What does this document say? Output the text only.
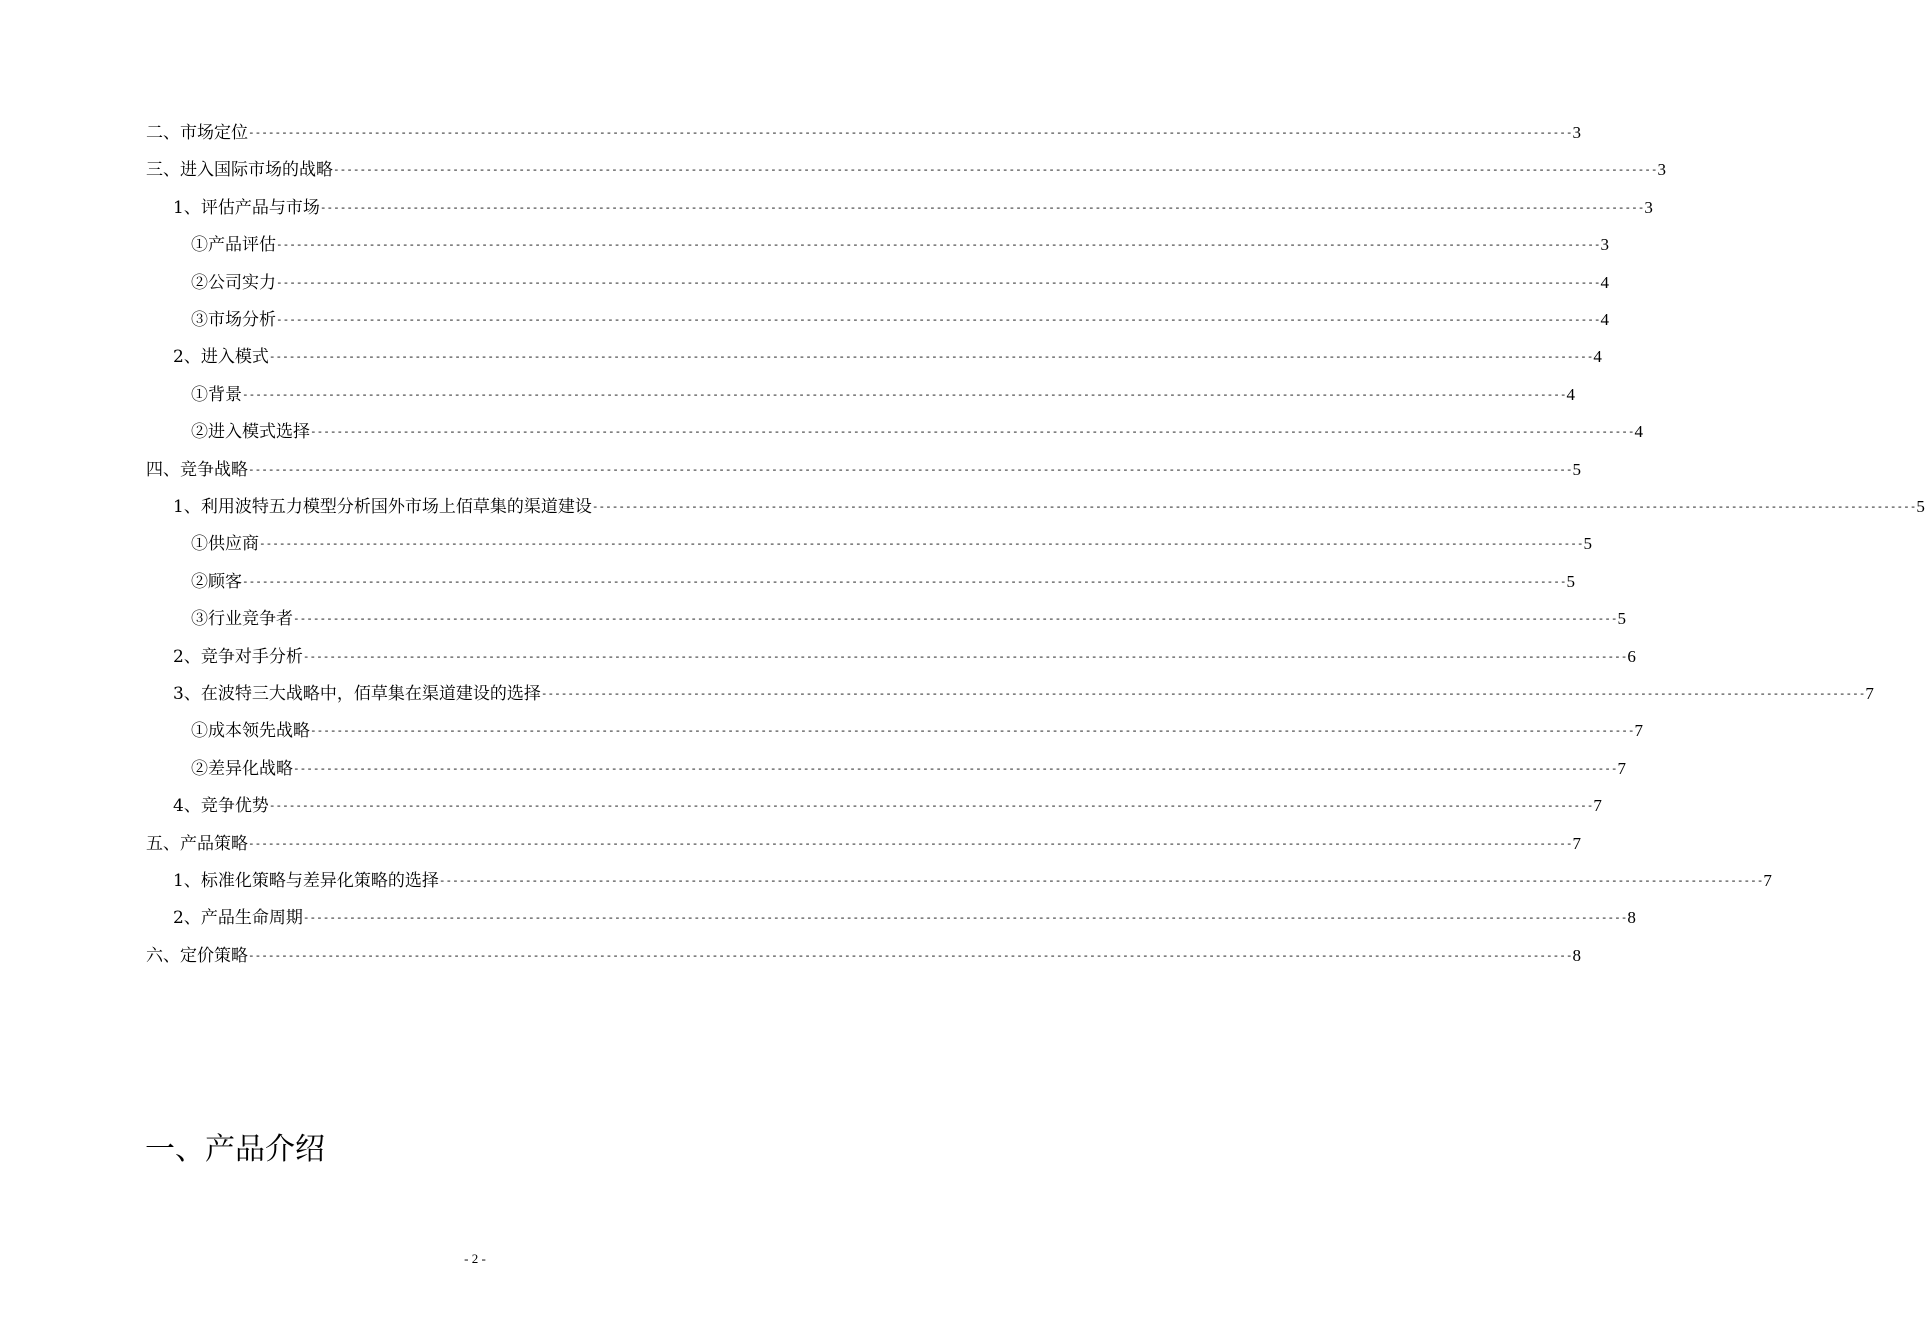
二、市场定位 -------------------------------------------------------------------------------------------------------------------------------------------------------------------------------------------------------- 3
三、进入国际市场的战略 -------------------------------------------------------------------------------------------------------------------------------------------------------------------------------------------------------- 3
1、评估产品与市场 -------------------------------------------------------------------------------------------------------------------------------------------------------------------------------------------------------- 3
①产品评估 -------------------------------------------------------------------------------------------------------------------------------------------------------------------------------------------------------- 3
②公司实力 -------------------------------------------------------------------------------------------------------------------------------------------------------------------------------------------------------- 4
③市场分析 -------------------------------------------------------------------------------------------------------------------------------------------------------------------------------------------------------- 4
2、进入模式 -------------------------------------------------------------------------------------------------------------------------------------------------------------------------------------------------------- 4
①背景 -------------------------------------------------------------------------------------------------------------------------------------------------------------------------------------------------------- 4
②进入模式选择 -------------------------------------------------------------------------------------------------------------------------------------------------------------------------------------------------------- 4
四、竞争战略 -------------------------------------------------------------------------------------------------------------------------------------------------------------------------------------------------------- 5
1、利用波特五力模型分析国外市场上佰草集的渠道建设 -------------------------------------------------------------------------------------------------------------------------------------------------------------------------------------------------------- 5
①供应商 -------------------------------------------------------------------------------------------------------------------------------------------------------------------------------------------------------- 5
②顾客 -------------------------------------------------------------------------------------------------------------------------------------------------------------------------------------------------------- 5
③行业竞争者 -------------------------------------------------------------------------------------------------------------------------------------------------------------------------------------------------------- 5
2、竞争对手分析 -------------------------------------------------------------------------------------------------------------------------------------------------------------------------------------------------------- 6
3、在波特三大战略中，佰草集在渠道建设的选择 -------------------------------------------------------------------------------------------------------------------------------------------------------------------------------------------------------- 7
①成本领先战略 -------------------------------------------------------------------------------------------------------------------------------------------------------------------------------------------------------- 7
②差异化战略 -------------------------------------------------------------------------------------------------------------------------------------------------------------------------------------------------------- 7
4、竞争优势 -------------------------------------------------------------------------------------------------------------------------------------------------------------------------------------------------------- 7
五、产品策略 -------------------------------------------------------------------------------------------------------------------------------------------------------------------------------------------------------- 7
1、标准化策略与差异化策略的选择 -------------------------------------------------------------------------------------------------------------------------------------------------------------------------------------------------------- 7
2、产品生命周期 -------------------------------------------------------------------------------------------------------------------------------------------------------------------------------------------------------- 8
六、定价策略 -------------------------------------------------------------------------------------------------------------------------------------------------------------------------------------------------------- 8
一、产品介绍
- 2 -
